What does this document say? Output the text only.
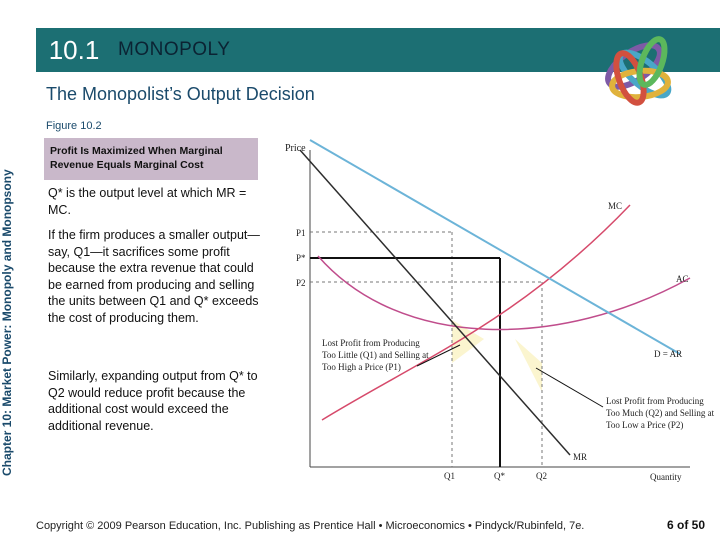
10.1 MONOPOLY
The Monopolist’s Output Decision
Chapter 10: Market Power: Monopoly and Monopsony
Figure 10.2
Profit Is Maximized When Marginal Revenue Equals Marginal Cost
Q* is the output level at which MR = MC.
If the firm produces a smaller output—say, Q1—it sacrifices some profit because the extra revenue that could be earned from producing and selling the units between Q1 and Q* exceeds the cost of producing them.
Similarly, expanding output from Q* to Q2 would reduce profit because the additional cost would exceed the additional revenue.
Price
Quantity
MC
AC
D = AR
MR
P1
P*
P2
Q1	Q*	Q2
Lost Profit from Producing
Too Little (Q1) and Selling at
Too High a Price (P1)
Lost Profit from Producing
Too Much (Q2) and Selling at
Too Low a Price (P2)
Copyright © 2009 Pearson Education, Inc. Publishing as Prentice Hall • Microeconomics • Pindyck/Rubinfeld, 7e.	6 of 50
